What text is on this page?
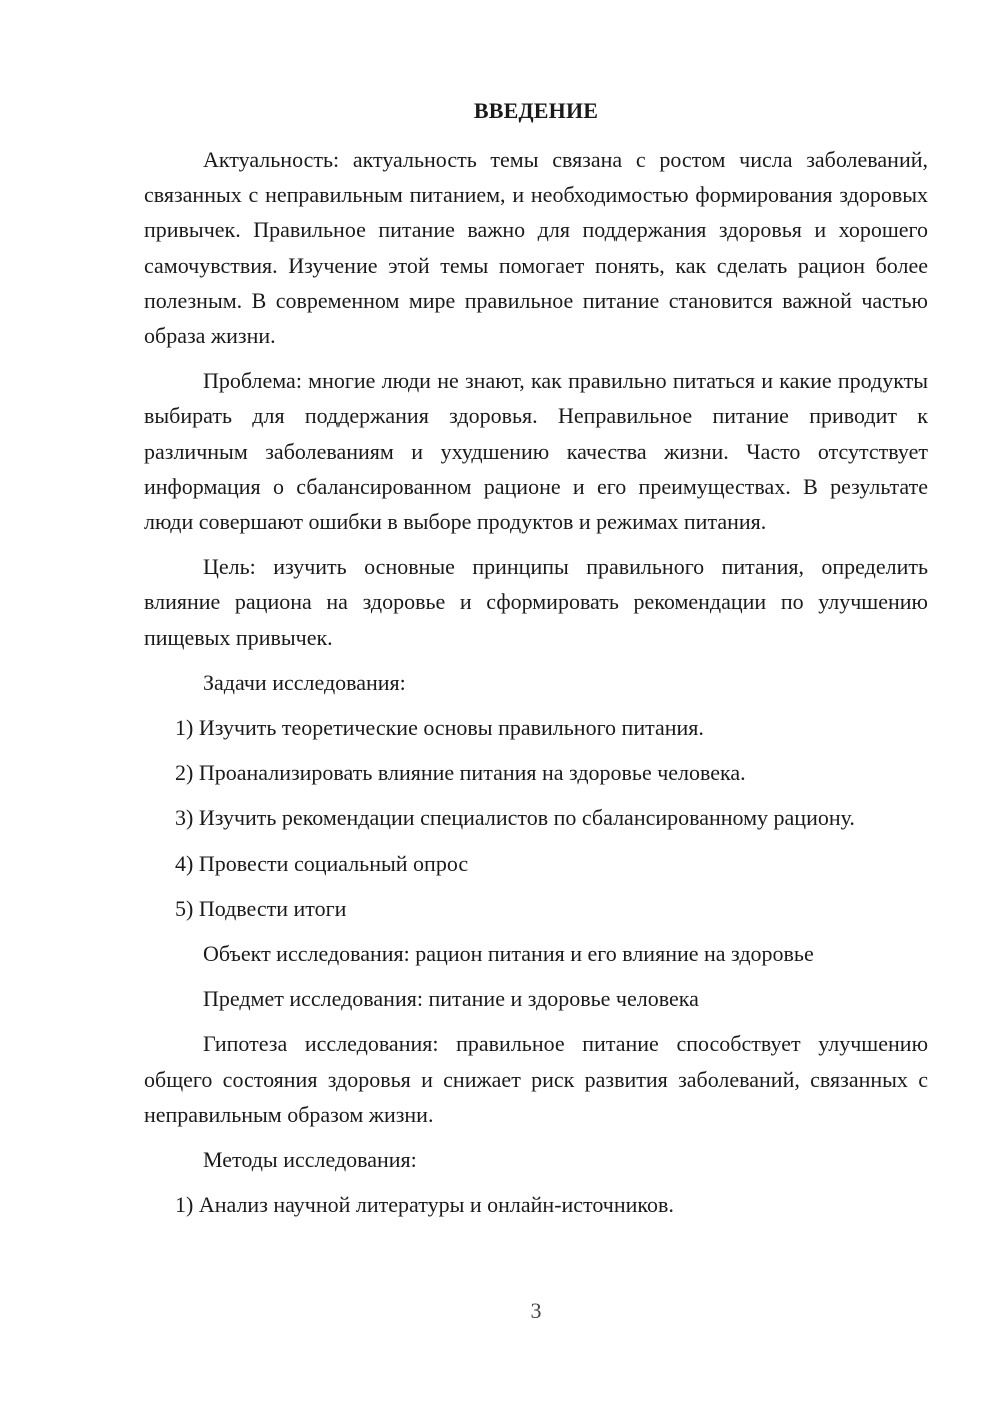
ВВЕДЕНИЕ

Актуальность: актуальность темы связана с ростом числа заболеваний, связанных с неправильным питанием, и необходимостью формирования здоровых привычек. Правильное питание важно для поддержания здоровья и хорошего самочувствия. Изучение этой темы помогает понять, как сделать рацион более полезным. В современном мире правильное питание становится важной частью образа жизни.

Проблема: многие люди не знают, как правильно питаться и какие продукты выбирать для поддержания здоровья. Неправильное питание приводит к различным заболеваниям и ухудшению качества жизни. Часто отсутствует информация о сбалансированном рационе и его преимуществах. В результате люди совершают ошибки в выборе продуктов и режимах питания.

Цель: изучить основные принципы правильного питания, определить влияние рациона на здоровье и сформировать рекомендации по улучшению пищевых привычек.

Задачи исследования:

1) Изучить теоретические основы правильного питания.

2) Проанализировать влияние питания на здоровье человека.

3) Изучить рекомендации специалистов по сбалансированному рациону.

4) Провести социальный опрос

5) Подвести итоги

Объект исследования: рацион питания и его влияние на здоровье

Предмет исследования: питание и здоровье человека

Гипотеза исследования: правильное питание способствует улучшению общего состояния здоровья и снижает риск развития заболеваний, связанных с неправильным образом жизни.

Методы исследования:

1) Анализ научной литературы и онлайн-источников.

3
